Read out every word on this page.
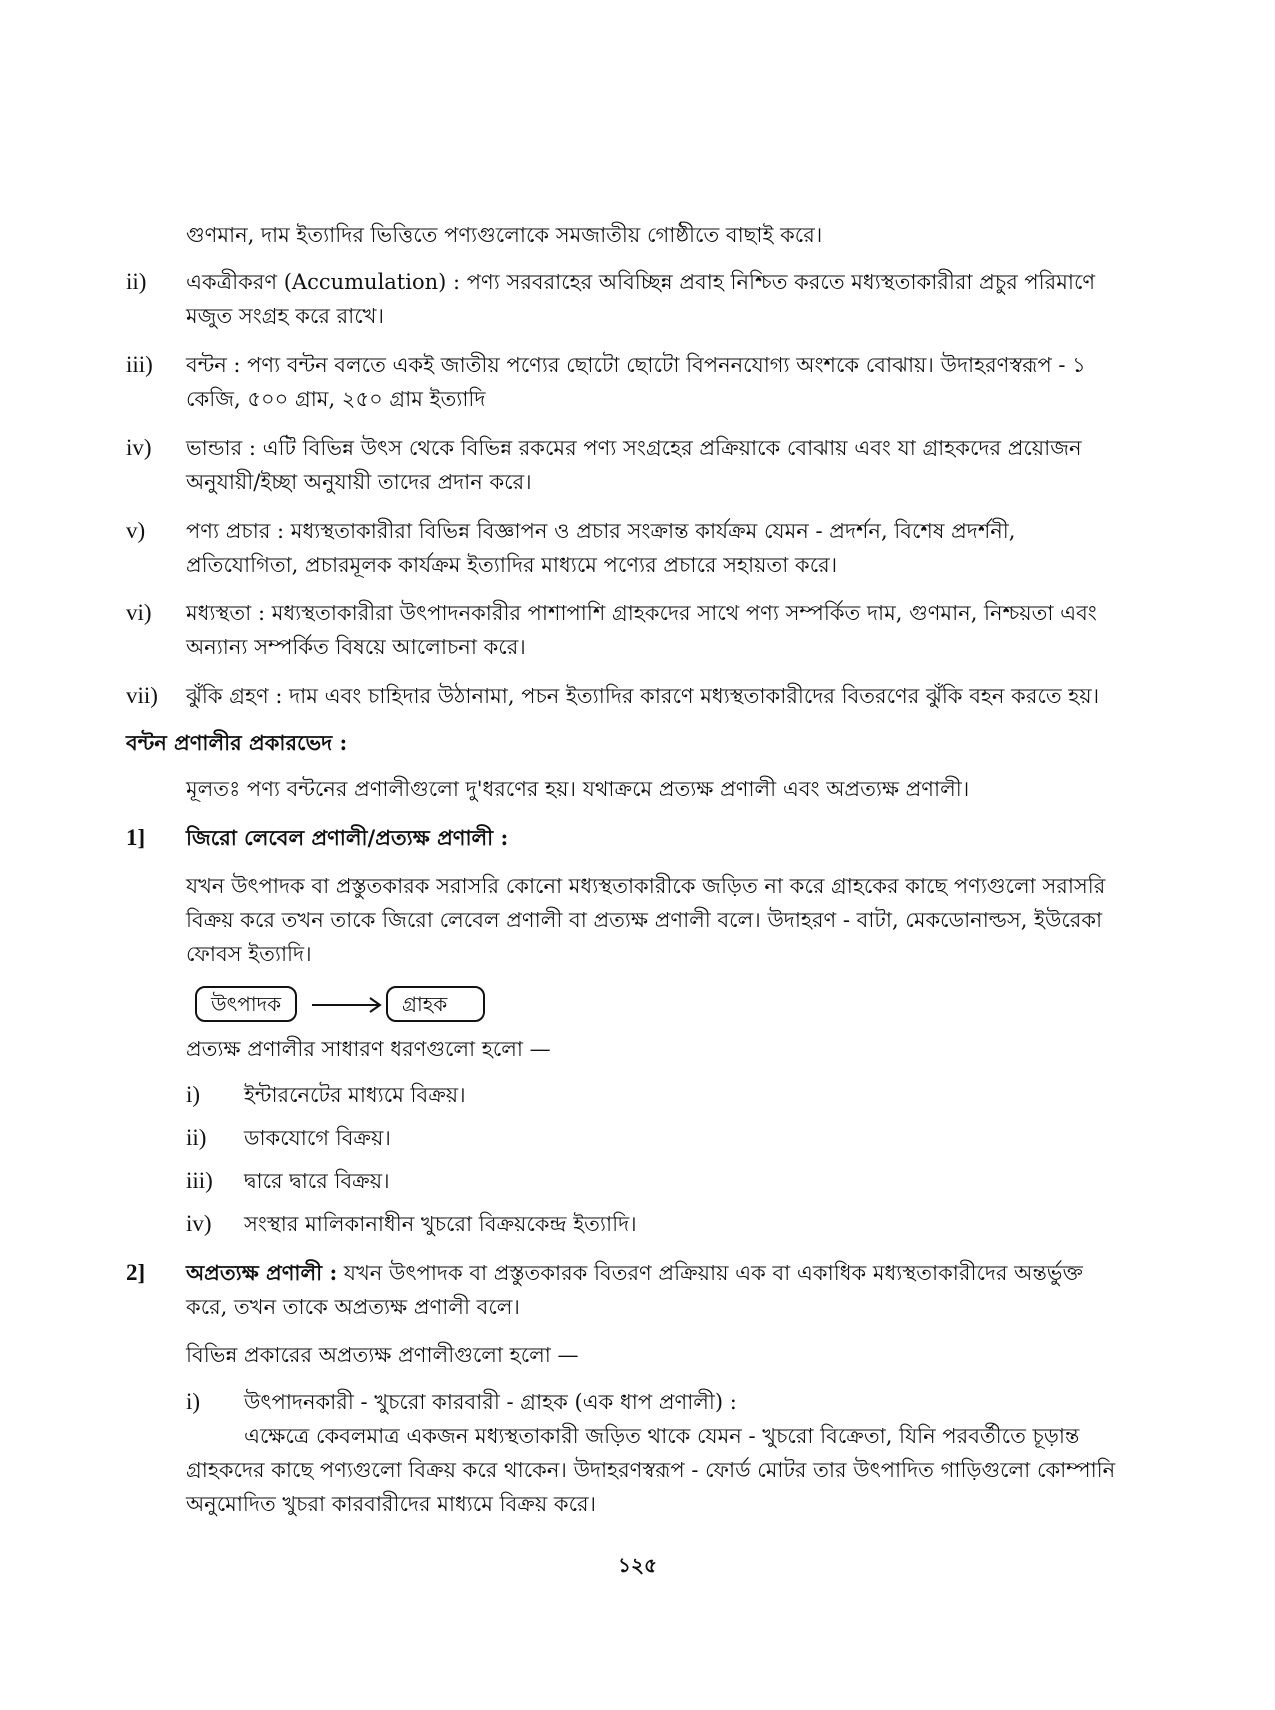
গুণমান, দাম ইত্যাদির ভিত্তিতে পণ্যগুলোকে সমজাতীয় গোষ্ঠীতে বাছাই করে।
ii)	একত্রীকরণ (Accumulation) : পণ্য সরবরাহের অবিচ্ছিন্ন প্রবাহ নিশ্চিত করতে মধ্যস্থতাকারীরা প্রচুর পরিমাণে মজুত সংগ্রহ করে রাখে।
iii)	বন্টন : পণ্য বন্টন বলতে একই জাতীয় পণ্যের ছোটো ছোটো বিপননযোগ্য অংশকে বোঝায়। উদাহরণস্বরূপ - ১ কেজি, ৫০০ গ্রাম, ২৫০ গ্রাম ইত্যাদি
iv)	ভান্ডার : এটি বিভিন্ন উৎস থেকে বিভিন্ন রকমের পণ্য সংগ্রহের প্রক্রিয়াকে বোঝায় এবং যা গ্রাহকদের প্রয়োজন অনুযায়ী/ইচ্ছা অনুযায়ী তাদের প্রদান করে।
v)	পণ্য প্রচার : মধ্যস্থতাকারীরা বিভিন্ন বিজ্ঞাপন ও প্রচার সংক্রান্ত কার্যক্রম যেমন - প্রদর্শন, বিশেষ প্রদর্শনী, প্রতিযোগিতা, প্রচারমূলক কার্যক্রম ইত্যাদির মাধ্যমে পণ্যের প্রচারে সহায়তা করে।
vi)	মধ্যস্থতা : মধ্যস্থতাকারীরা উৎপাদনকারীর পাশাপাশি গ্রাহকদের সাথে পণ্য সম্পর্কিত দাম, গুণমান, নিশ্চয়তা এবং অন্যান্য সম্পর্কিত বিষয়ে আলোচনা করে।
vii)	ঝুঁকি গ্রহণ : দাম এবং চাহিদার উঠানামা, পচন ইত্যাদির কারণে মধ্যস্থতাকারীদের বিতরণের ঝুঁকি বহন করতে হয়।
বন্টন প্রণালীর প্রকারভেদ :
মূলতঃ পণ্য বন্টনের প্রণালীগুলো দু'ধরণের হয়। যথাক্রমে প্রত্যক্ষ প্রণালী এবং অপ্রত্যক্ষ প্রণালী।
1]	জিরো লেবেল প্রণালী/প্রত্যক্ষ প্রণালী :
যখন উৎপাদক বা প্রস্তুতকারক সরাসরি কোনো মধ্যস্থতাকারীকে জড়িত না করে গ্রাহকের কাছে পণ্যগুলো সরাসরি বিক্রয় করে তখন তাকে জিরো লেবেল প্রণালী বা প্রত্যক্ষ প্রণালী বলে। উদাহরণ - বাটা, মেকডোনাল্ডস, ইউরেকা ফোবস ইত্যাদি।
উৎপাদক	গ্রাহক
প্রত্যক্ষ প্রণালীর সাধারণ ধরণগুলো হলো —
i)	ইন্টারনেটের মাধ্যমে বিক্রয়।
ii)	ডাকযোগে বিক্রয়।
iii)	দ্বারে দ্বারে বিক্রয়।
iv)	সংস্থার মালিকানাধীন খুচরো বিক্রয়কেন্দ্র ইত্যাদি।
2]	অপ্রত্যক্ষ প্রণালী : যখন উৎপাদক বা প্রস্তুতকারক বিতরণ প্রক্রিয়ায় এক বা একাধিক মধ্যস্থতাকারীদের অন্তর্ভুক্ত করে, তখন তাকে অপ্রত্যক্ষ প্রণালী বলে।
বিভিন্ন প্রকারের অপ্রত্যক্ষ প্রণালীগুলো হলো —
i)	উৎপাদনকারী - খুচরো কারবারী - গ্রাহক (এক ধাপ প্রণালী) :
এক্ষেত্রে কেবলমাত্র একজন মধ্যস্থতাকারী জড়িত থাকে যেমন - খুচরো বিক্রেতা, যিনি পরবর্তীতে চূড়ান্ত গ্রাহকদের কাছে পণ্যগুলো বিক্রয় করে থাকেন। উদাহরণস্বরূপ - ফোর্ড মোটর তার উৎপাদিত গাড়িগুলো কোম্পানি অনুমোদিত খুচরা কারবারীদের মাধ্যমে বিক্রয় করে।
১২৫
